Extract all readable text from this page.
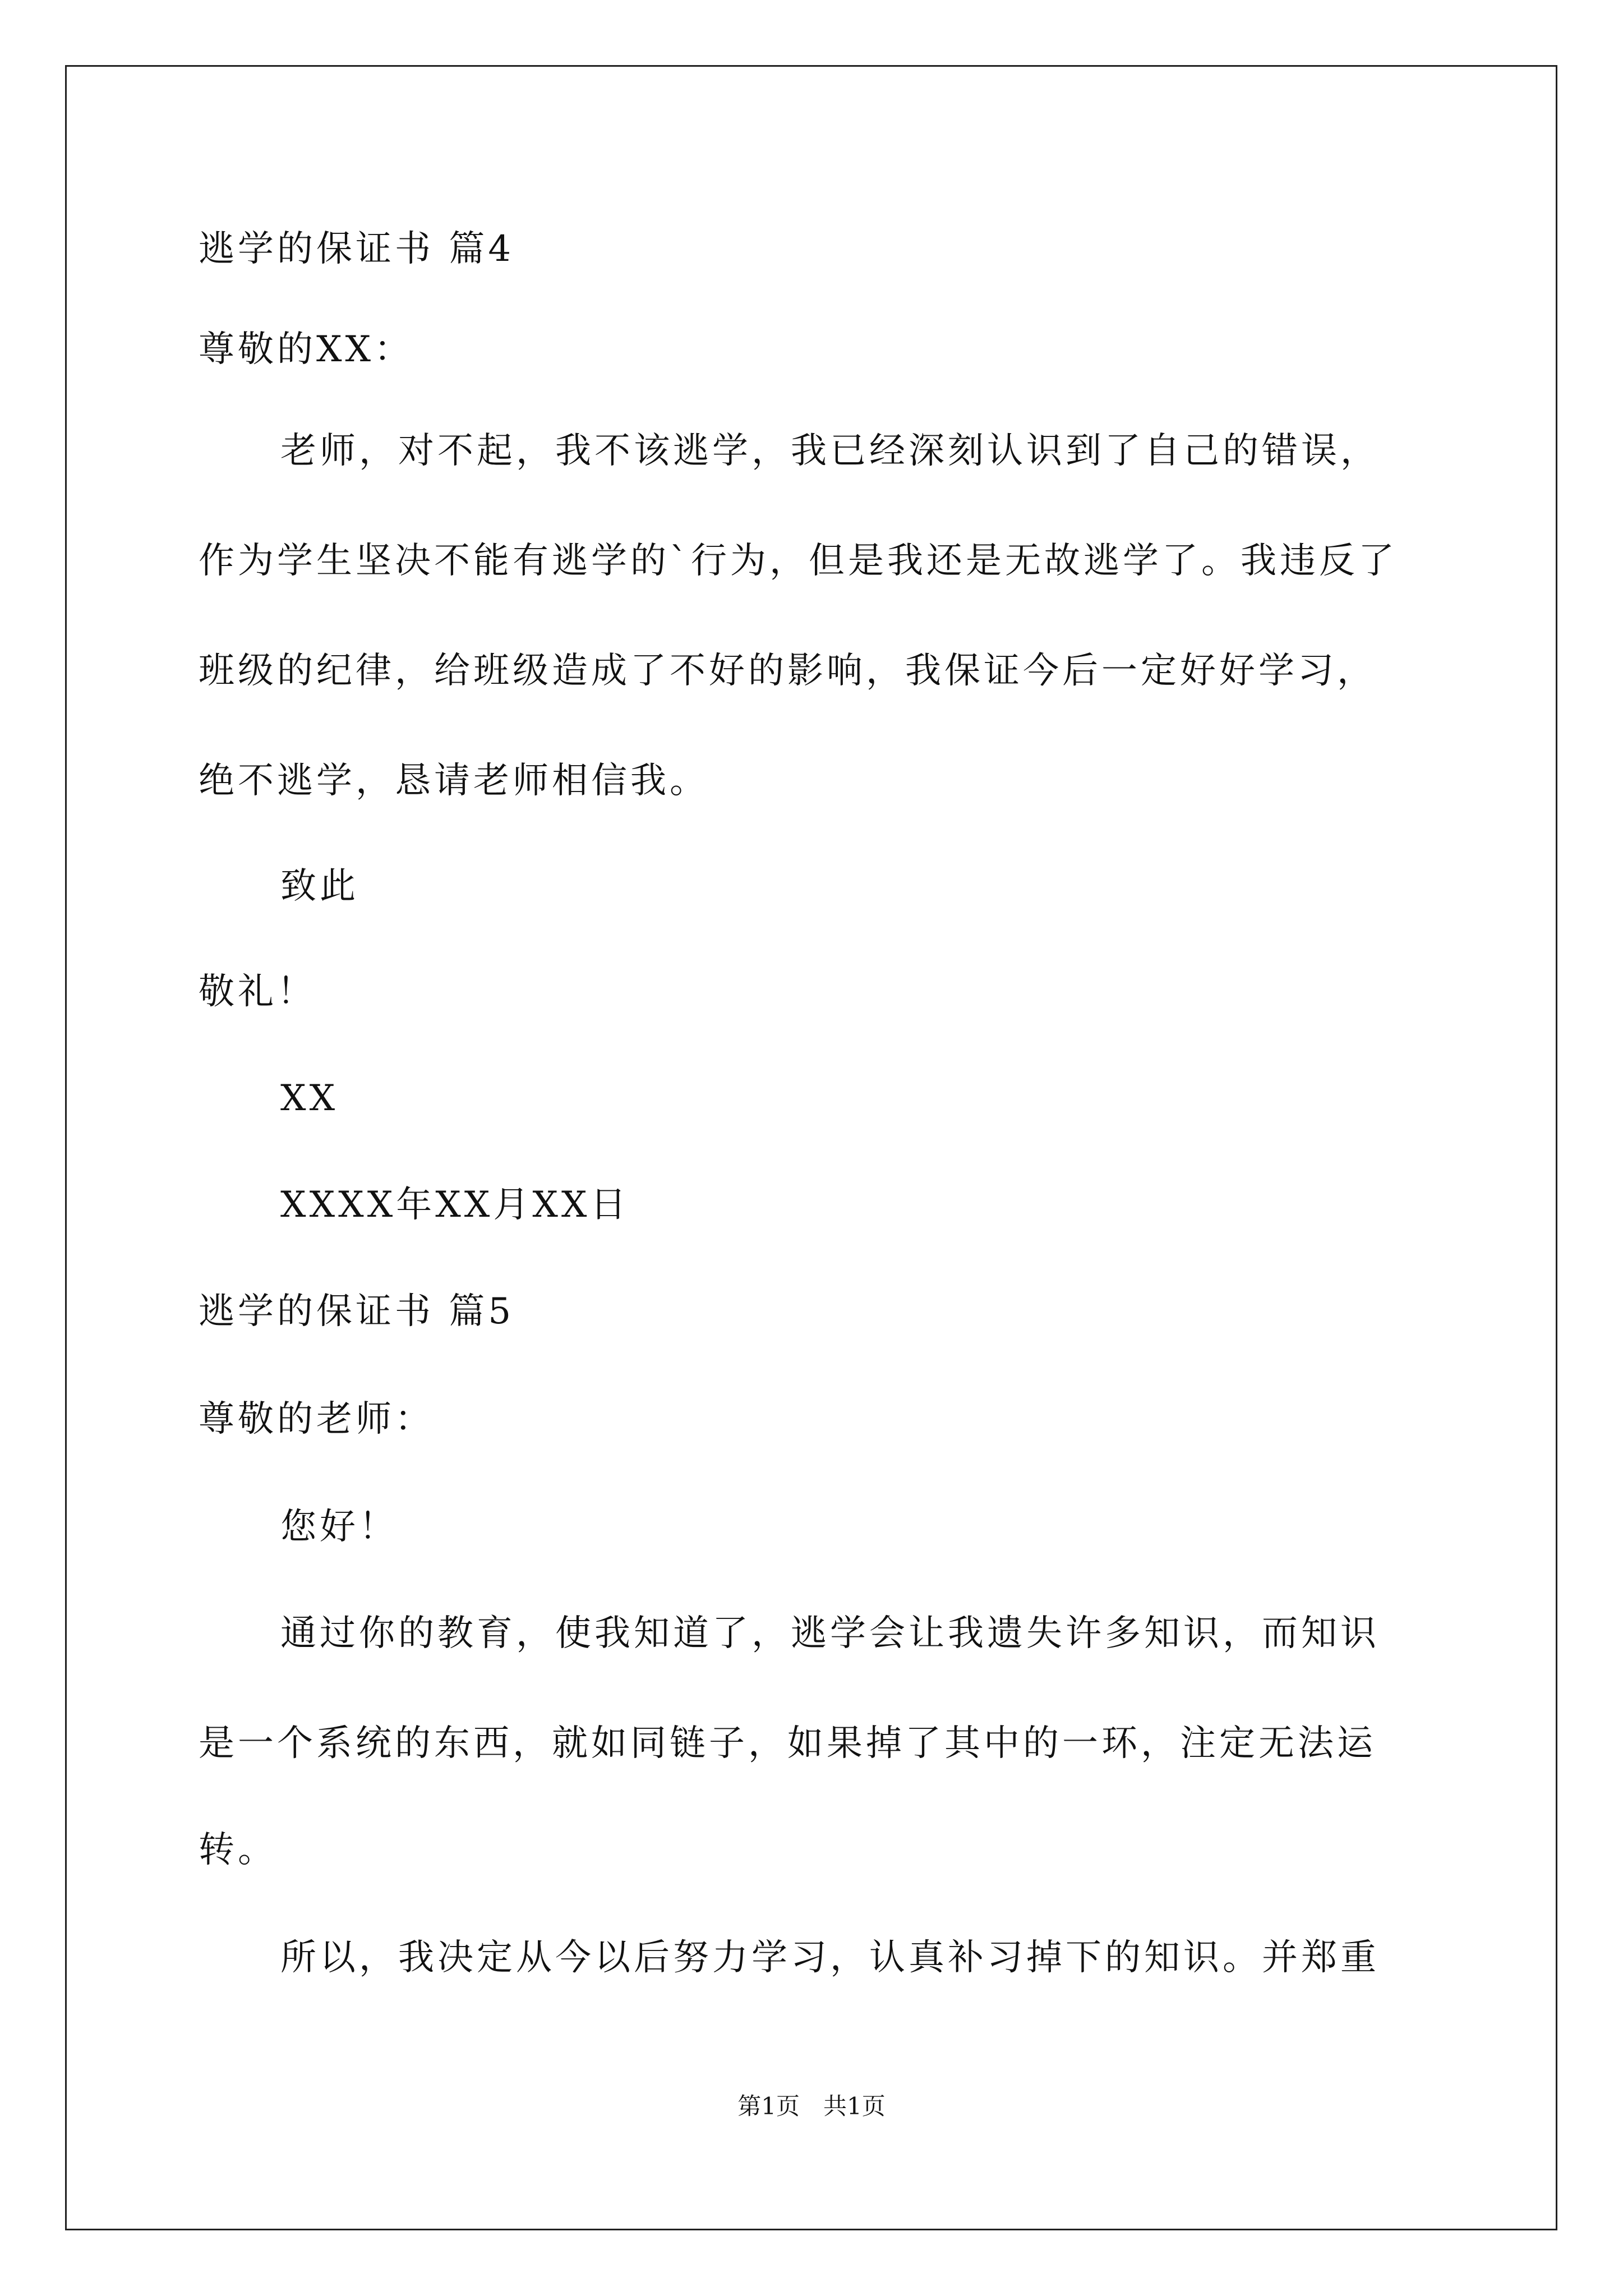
逃学的保证书 篇4
尊敬的XX：
老师，对不起，我不该逃学，我已经深刻认识到了自己的错误，
作为学生坚决不能有逃学的`行为，但是我还是无故逃学了。我违反了
班级的纪律，给班级造成了不好的影响，我保证今后一定好好学习，
绝不逃学，恳请老师相信我。
致此
敬礼！
XX
XXXX年XX月XX日
逃学的保证书 篇5
尊敬的老师：
您好！
通过你的教育，使我知道了，逃学会让我遗失许多知识，而知识
是一个系统的东西，就如同链子，如果掉了其中的一环，注定无法运
转。
所以，我决定从今以后努力学习，认真补习掉下的知识。并郑重
第1页　共1页
